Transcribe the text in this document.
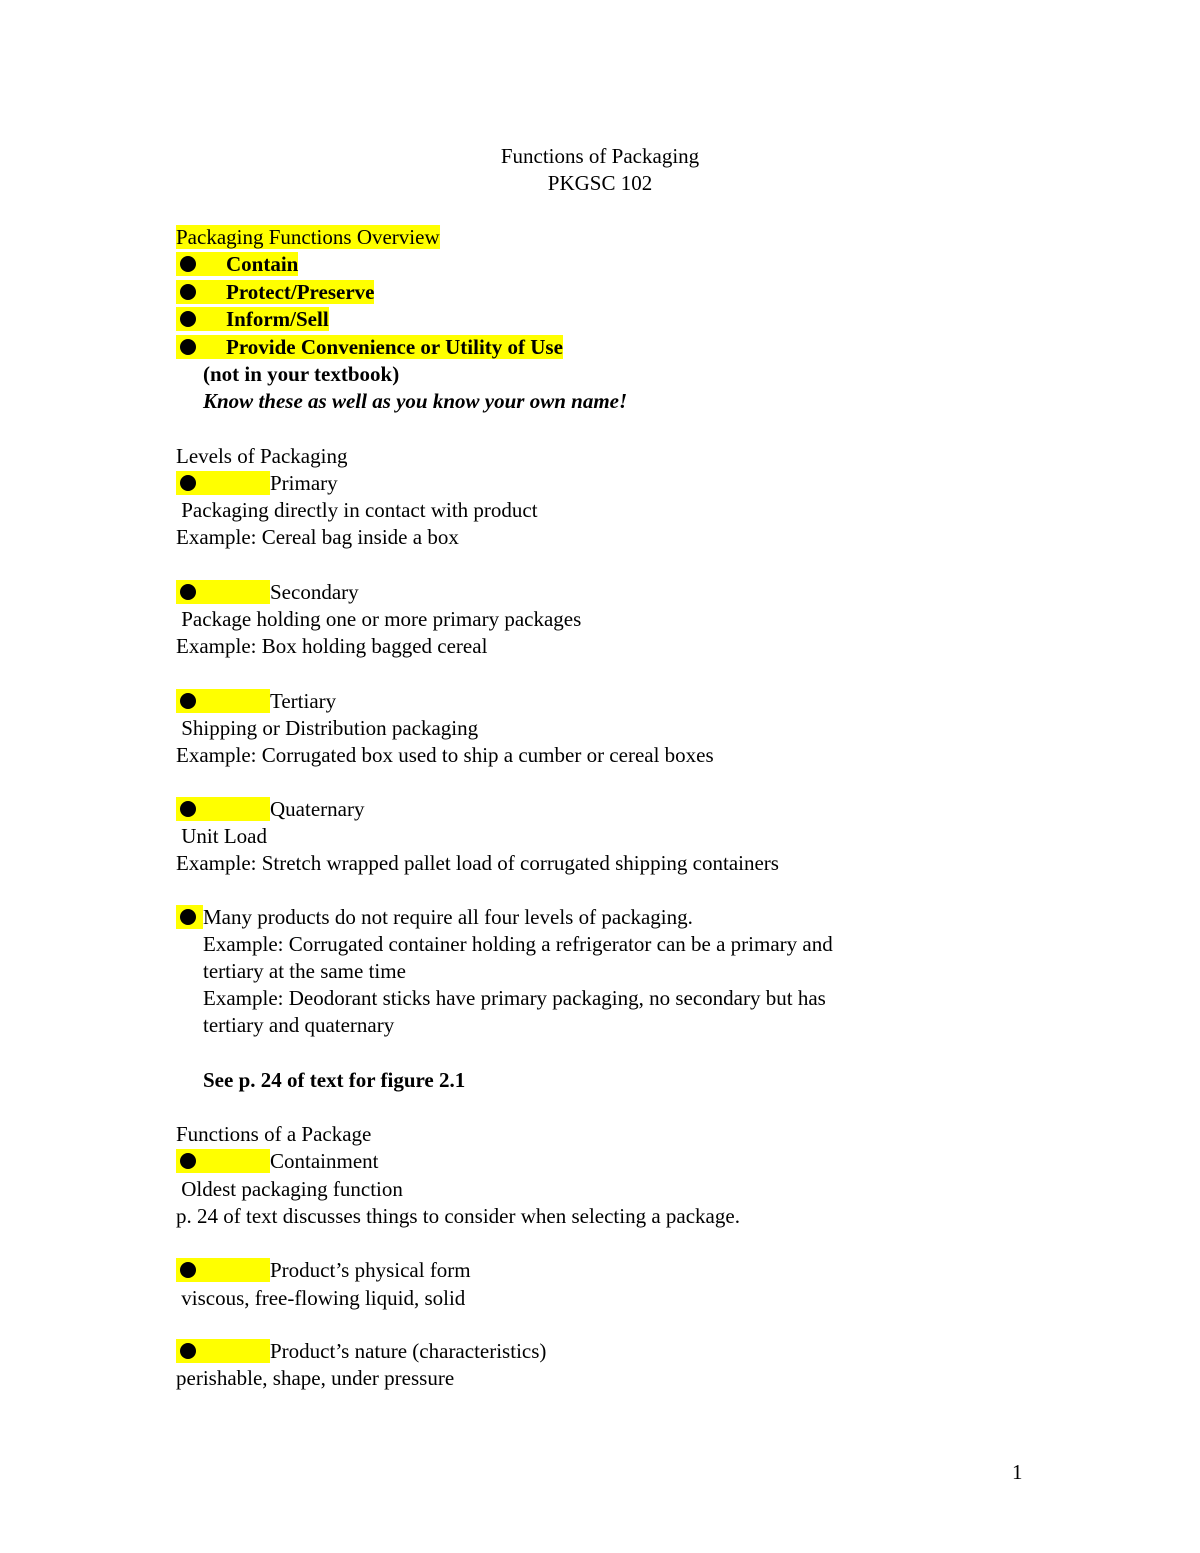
Functions of Packaging
PKGSC 102
Packaging Functions Overview
Contain
Protect/Preserve
Inform/Sell
Provide Convenience or Utility of Use
(not in your textbook)
Know these as well as you know your own name!
Levels of Packaging
Primary
Packaging directly in contact with product
Example: Cereal bag inside a box
Secondary
Package holding one or more primary packages
Example: Box holding bagged cereal
Tertiary
Shipping or Distribution packaging
Example: Corrugated box used to ship a cumber or cereal boxes
Quaternary
Unit Load
Example: Stretch wrapped pallet load of corrugated shipping containers
Many products do not require all four levels of packaging.
Example: Corrugated container holding a refrigerator can be a primary and
tertiary at the same time
Example: Deodorant sticks have primary packaging, no secondary but has
tertiary and quaternary
See p. 24 of text for figure 2.1
Functions of a Package
Containment
Oldest packaging function
p. 24 of text discusses things to consider when selecting a package.
Product’s physical form
viscous, free-flowing liquid, solid
Product’s nature (characteristics)
perishable, shape, under pressure
1
